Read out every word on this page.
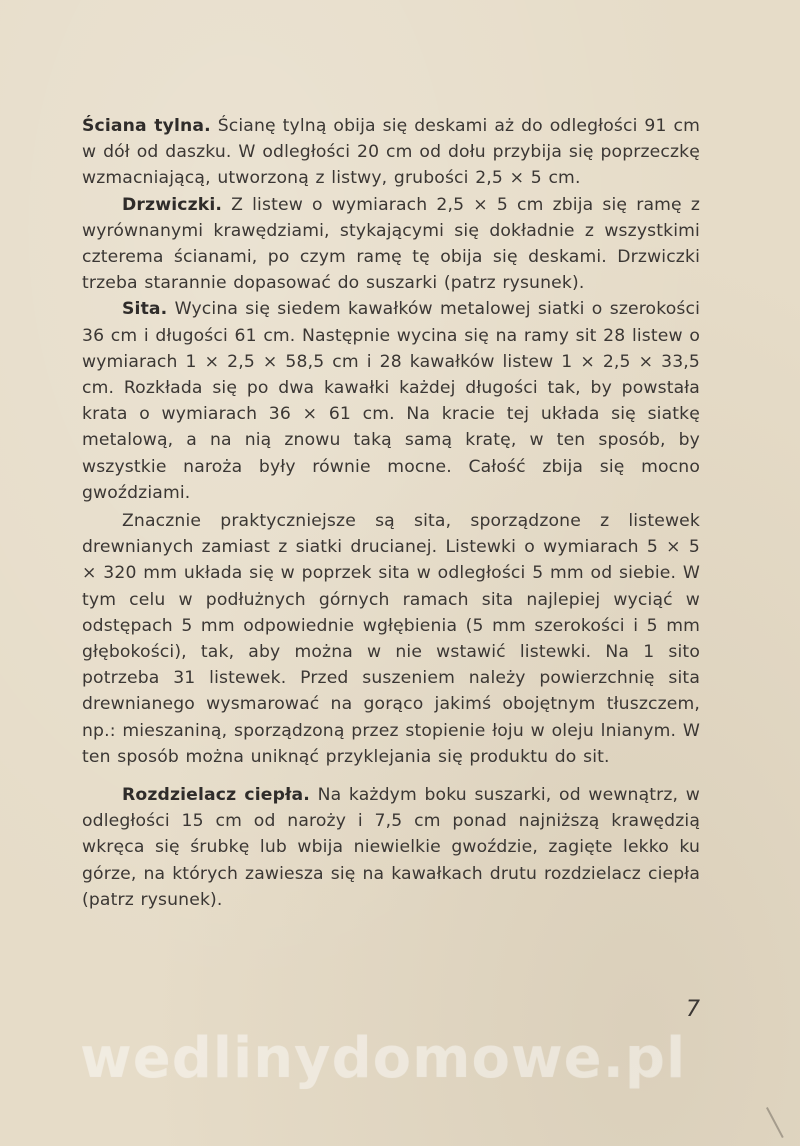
Ściana tylna. Ścianę tylną obija się deskami aż do odległości 91 cm w dół od daszku. W odległości 20 cm od dołu przybija się poprzeczkę wzmacniającą, utworzoną z listwy, grubości 2,5 × 5 cm.

Drzwiczki. Z listew o wymiarach 2,5 × 5 cm zbija się ramę z wyrównanymi krawędziami, stykającymi się dokładnie z wszystkimi czterema ścianami, po czym ramę tę obija się deskami. Drzwiczki trzeba starannie dopasować do suszarki (patrz rysunek).

Sita. Wycina się siedem kawałków metalowej siatki o szerokości 36 cm i długości 61 cm. Następnie wycina się na ramy sit 28 listew o wymiarach 1 × 2,5 × 58,5 cm i 28 kawałków listew 1 × 2,5 × 33,5 cm. Rozkłada się po dwa kawałki każdej długości tak, by powstała krata o wymiarach 36 × 61 cm. Na kracie tej układa się siatkę metalową, a na nią znowu taką samą kratę, w ten sposób, by wszystkie naroża były równie mocne. Całość zbija się mocno gwoździami.

Znacznie praktyczniejsze są sita, sporządzone z listewek drewnianych zamiast z siatki drucianej. Listewki o wymiarach 5 × 5 × 320 mm układa się w poprzek sita w odległości 5 mm od siebie. W tym celu w podłużnych górnych ramach sita najlepiej wyciąć w odstępach 5 mm odpowiednie wgłębienia (5 mm szerokości i 5 mm głębokości), tak, aby można w nie wstawić listewki. Na 1 sito potrzeba 31 listewek. Przed suszeniem należy powierzchnię sita drewnianego wysmarować na gorąco jakimś obojętnym tłuszczem, np.: mieszaniną, sporządzoną przez stopienie łoju w oleju lnianym. W ten sposób można uniknąć przyklejania się produktu do sit.

Rozdzielacz ciepła. Na każdym boku suszarki, od wewnątrz, w odległości 15 cm od naroży i 7,5 cm ponad najniższą krawędzią wkręca się śrubkę lub wbija niewielkie gwoździe, zagięte lekko ku górze, na których zawiesza się na kawałkach drutu rozdzielacz ciepła (patrz rysunek).

7
wedlinydomowe.pl
